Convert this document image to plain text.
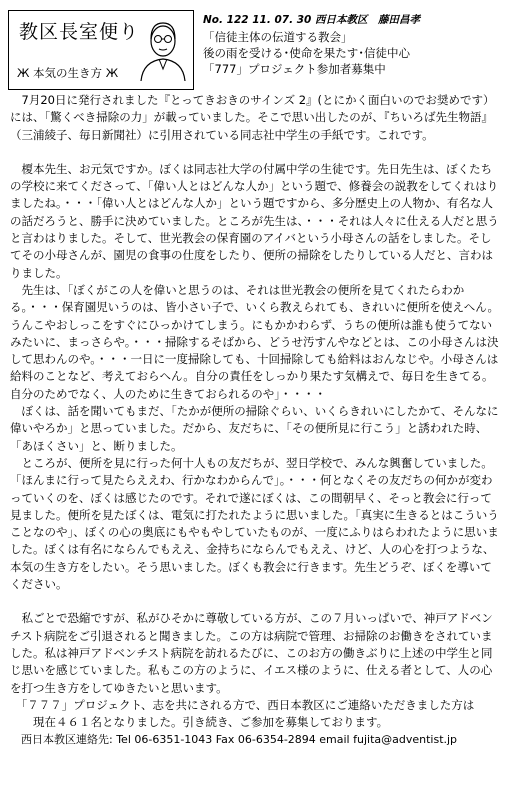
教区長室便り
Ж 本気の生き方 Ж
No. 122 11. 07. 30 西日本教区　藤田昌孝
「信徒主体の伝道する教会」
後の雨を受ける･使命を果たす･信徒中心
「777」プロジェクト参加者募集中

　7月20日に発行されました『とってきおきのサインズ 2』(とにかく面白いのでお奨めです）には、「驚くべき掃除の力」が載っていました。そこで思い出したのが、『ちいろば先生物語』（三浦綾子、毎日新聞社）に引用されている同志社中学生の手紙です。これです。

　榎本先生、お元気ですか。ぼくは同志社大学の付属中学の生徒です。先日先生は、ぼくたちの学校に来てくださって、「偉い人とはどんな人か」という題で、修養会の説教をしてくれはりましたね。・・・「偉い人とはどんな人か」という題ですから、多分歴史上の人物か、有名な人の話だろうと、勝手に決めていました。ところが先生は、・・・それは人々に仕える人だと思うと言わはりました。そして、世光教会の保育園のアイバという小母さんの話をしました。そしてその小母さんが、園児の食事の仕度をしたり、便所の掃除をしたりしている人だと、言わはりました。

　先生は、「ぼくがこの人を偉いと思うのは、それは世光教会の便所を見てくれたらわかる。・・・保育園児いうのは、皆小さい子で、いくら教えられても、きれいに便所を使えへん。うんこやおしっこをすぐにひっかけてしまう。にもかかわらず、うちの便所は誰も使うてないみたいに、まっさらや。・・・掃除するそばから、どうせ汚すんやなどとは、この小母さんは決して思わんのや。・・・一日に一度掃除しても、十回掃除しても給料はおんなじや。小母さんは給料のことなど、考えておらへん。自分の責任をしっかり果たす気構えで、毎日を生きてる。自分のためでなく、人のために生きておられるのや」・・・・

　ぼくは、話を聞いてもまだ、「たかが便所の掃除ぐらい、いくらきれいにしたかて、そんなに偉いやろか」と思っていました。だから、友だちに、「その便所見に行こう」と誘われた時、「あほくさい」と、断りました。

　ところが、便所を見に行った何十人もの友だちが、翌日学校で、みんな興奮していました。「ほんまに行って見たらええわ、行かなわからんで」。・・・何となくその友だちの何かが変わっていくのを、ぼくは感じたのです。それで遂にぼくは、この間朝早く、そっと教会に行って見ました。便所を見たぼくは、電気に打たれたように思いました。「真実に生きるとはこういうことなのや」、ぼくの心の奥底にもやもやしていたものが、一度にふりはらわれたように思いました。ぼくは有名にならんでもええ、金持ちにならんでもええ、けど、人の心を打つような、本気の生き方をしたい。そう思いました。ぼくも教会に行きます。先生どうぞ、ぼくを導いてください。

　私ごとで恐縮ですが、私がひそかに尊敬している方が、この７月いっぱいで、神戸アドベンチスト病院をご引退されると聞きました。この方は病院で管理、お掃除のお働きをされていました。私は神戸アドベンチスト病院を訪れるたびに、このお方の働きぶりに上述の中学生と同じ思いを感じていました。私もこの方のように、イエス様のように、仕える者として、人の心を打つ生き方をしてゆきたいと思います。

　「７７７」プロジェクト、志を共にされる方で、西日本教区にご連絡いただきました方は

　　現在４６１名となりました。引き続き、ご参加を募集しております。

　西日本教区連絡先: Tel 06-6351-1043 Fax 06-6354-2894 email fujita@adventist.jp
